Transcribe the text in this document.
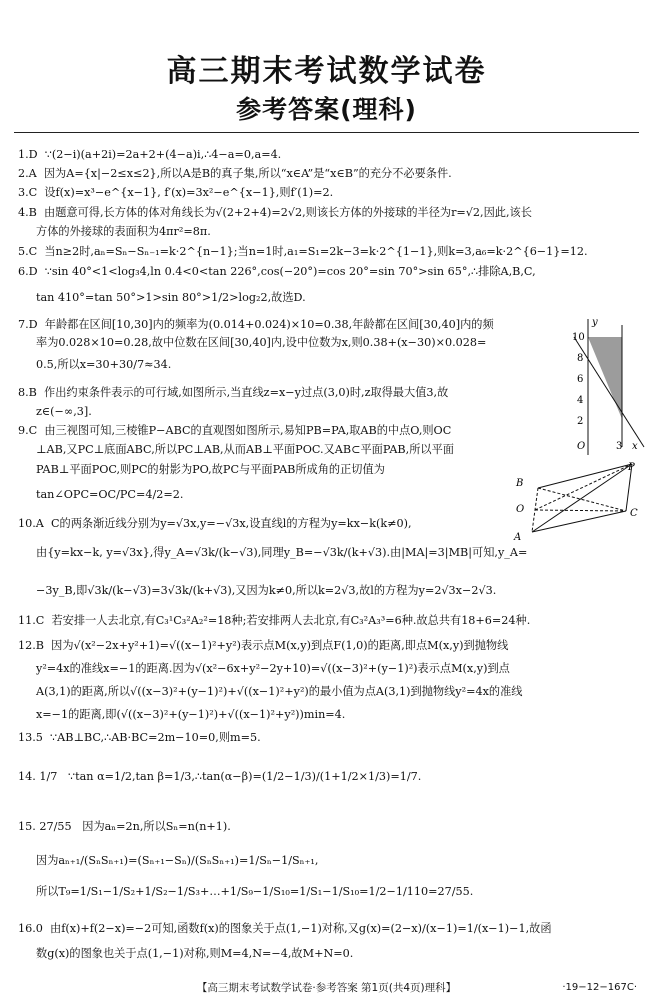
高三期末考试数学试卷
参考答案(理科)
1.D  ∵(2−i)(a+2i)=2a+2+(4−a)i,∴4−a=0,a=4.
2.A  因为A={x|−2≤x≤2},所以A是B的真子集,所以“x∈A”是“x∈B”的充分不必要条件.
3.C  设f(x)=x³−e^{x−1}, f′(x)=3x²−e^{x−1},则f′(1)=2.
4.B  由题意可得,长方体的体对角线长为√(2+2+4)=2√2,则该长方体的外接球的半径为r=√2,因此,该长
方体的外接球的表面积为4πr²=8π.
5.C  当n≥2时,aₙ=Sₙ−Sₙ₋₁=k·2^{n−1};当n=1时,a₁=S₁=2k−3=k·2^{1−1},则k=3,a₆=k·2^{6−1}=12.
6.D  ∵sin 40°<1<log₃4,ln 0.4<0<tan 226°,cos(−20°)=cos 20°=sin 70°>sin 65°,∴排除A,B,C,
tan 410°=tan 50°>1>sin 80°>1/2>log₂2,故选D.
7.D  年龄都在区间[10,30]内的频率为(0.014+0.024)×10=0.38,年龄都在区间[30,40]内的频
率为0.028×10=0.28,故中位数在区间[30,40]内,设中位数为x,则0.38+(x−30)×0.028=
0.5,所以x=30+30/7≈34.
8.B  作出约束条件表示的可行域,如图所示,当直线z=x−y过点(3,0)时,z取得最大值3,故
z∈(−∞,3].
9.C  由三视图可知,三棱锥P−ABC的直观图如图所示,易知PB=PA,取AB的中点O,则OC
⊥AB,又PC⊥底面ABC,所以PC⊥AB,从而AB⊥平面POC.又AB⊂平面PAB,所以平面
PAB⊥平面POC,则PC的射影为PO,故PC与平面PAB所成角的正切值为
tan∠OPC=OC/PC=4/2=2.
10.A  C的两条渐近线分别为y=√3x,y=−√3x,设直线l的方程为y=kx−k(k≠0),
由{y=kx−k, y=√3x},得y_A=√3k/(k−√3),同理y_B=−√3k/(k+√3).由|MA|=3|MB|可知,y_A=
−3y_B,即√3k/(k−√3)=3√3k/(k+√3),又因为k≠0,所以k=2√3,故l的方程为y=2√3x−2√3.
11.C  若安排一人去北京,有C₃¹C₃²A₂²=18种;若安排两人去北京,有C₃²A₃³=6种.故总共有18+6=24种.
12.B  因为√(x²−2x+y²+1)=√((x−1)²+y²)表示点M(x,y)到点F(1,0)的距离,即点M(x,y)到抛物线
y²=4x的准线x=−1的距离.因为√(x²−6x+y²−2y+10)=√((x−3)²+(y−1)²)表示点M(x,y)到点
A(3,1)的距离,所以√((x−3)²+(y−1)²)+√((x−1)²+y²)的最小值为点A(3,1)到抛物线y²=4x的准线
x=−1的距离,即(√((x−3)²+(y−1)²)+√((x−1)²+y²))min=4.
13.5  ∵AB⊥BC,∴AB·BC=2m−10=0,则m=5.
14. 1/7   ∵tan α=1/2,tan β=1/3,∴tan(α−β)=(1/2−1/3)/(1+1/2×1/3)=1/7.
15. 27/55   因为aₙ=2n,所以Sₙ=n(n+1).
因为aₙ₊₁/(SₙSₙ₊₁)=(Sₙ₊₁−Sₙ)/(SₙSₙ₊₁)=1/Sₙ−1/Sₙ₊₁,
所以T₉=1/S₁−1/S₂+1/S₂−1/S₃+…+1/S₉−1/S₁₀=1/S₁−1/S₁₀=1/2−1/110=27/55.
16.0  由f(x)+f(2−x)=−2可知,函数f(x)的图象关于点(1,−1)对称,又g(x)=(2−x)/(x−1)=1/(x−1)−1,故函
数g(x)的图象也关于点(1,−1)对称,则M=4,N=−4,故M+N=0.
y
10
8
6
4
2
O	3 x
P
B
O	C
A
【高三期末考试数学试卷·参考答案 第1页(共4页)理科】	·19−12−167C·
